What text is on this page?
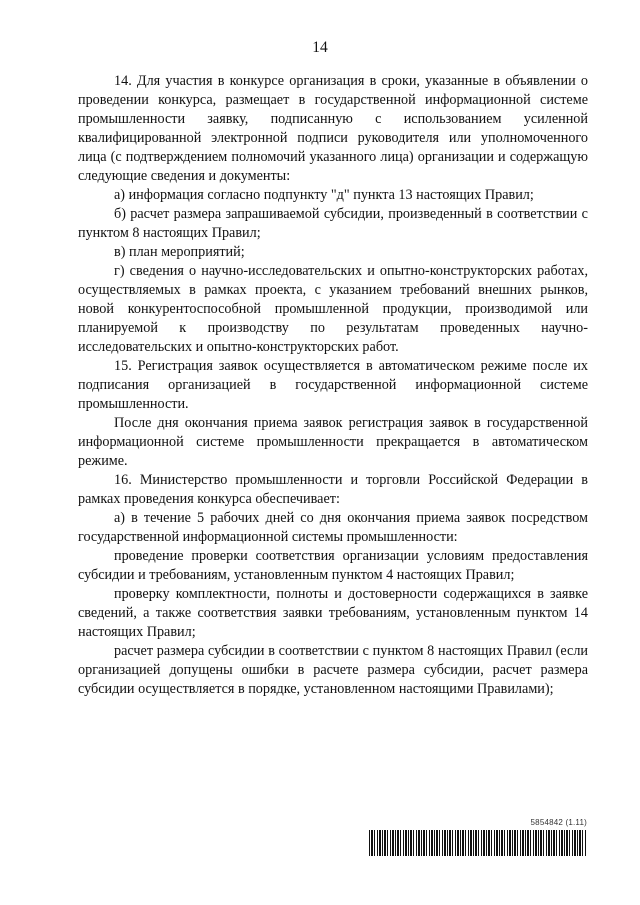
14

14. Для участия в конкурсе организация в сроки, указанные в объявлении о проведении конкурса, размещает в государственной информационной системе промышленности заявку, подписанную с использованием усиленной квалифицированной электронной подписи руководителя или уполномоченного лица (с подтверждением полномочий указанного лица) организации и содержащую следующие сведения и документы:

а) информация согласно подпункту "д" пункта 13 настоящих Правил;

б) расчет размера запрашиваемой субсидии, произведенный в соответствии с пунктом 8 настоящих Правил;

в) план мероприятий;

г) сведения о научно-исследовательских и опытно-конструкторских работах, осуществляемых в рамках проекта, с указанием требований внешних рынков, новой конкурентоспособной промышленной продукции, производимой или планируемой к производству по результатам проведенных научно-исследовательских и опытно-конструкторских работ.

15. Регистрация заявок осуществляется в автоматическом режиме после их подписания организацией в государственной информационной системе промышленности.

После дня окончания приема заявок регистрация заявок в государственной информационной системе промышленности прекращается в автоматическом режиме.

16. Министерство промышленности и торговли Российской Федерации в рамках проведения конкурса обеспечивает:

а) в течение 5 рабочих дней со дня окончания приема заявок посредством государственной информационной системы промышленности:

проведение проверки соответствия организации условиям предоставления субсидии и требованиям, установленным пунктом 4 настоящих Правил;

проверку комплектности, полноты и достоверности содержащихся в заявке сведений, а также соответствия заявки требованиям, установленным пунктом 14 настоящих Правил;

расчет размера субсидии в соответствии с пунктом 8 настоящих Правил (если организацией допущены ошибки в расчете размера субсидии, расчет размера субсидии осуществляется в порядке, установленном настоящими Правилами);

5854842 (1.11)
